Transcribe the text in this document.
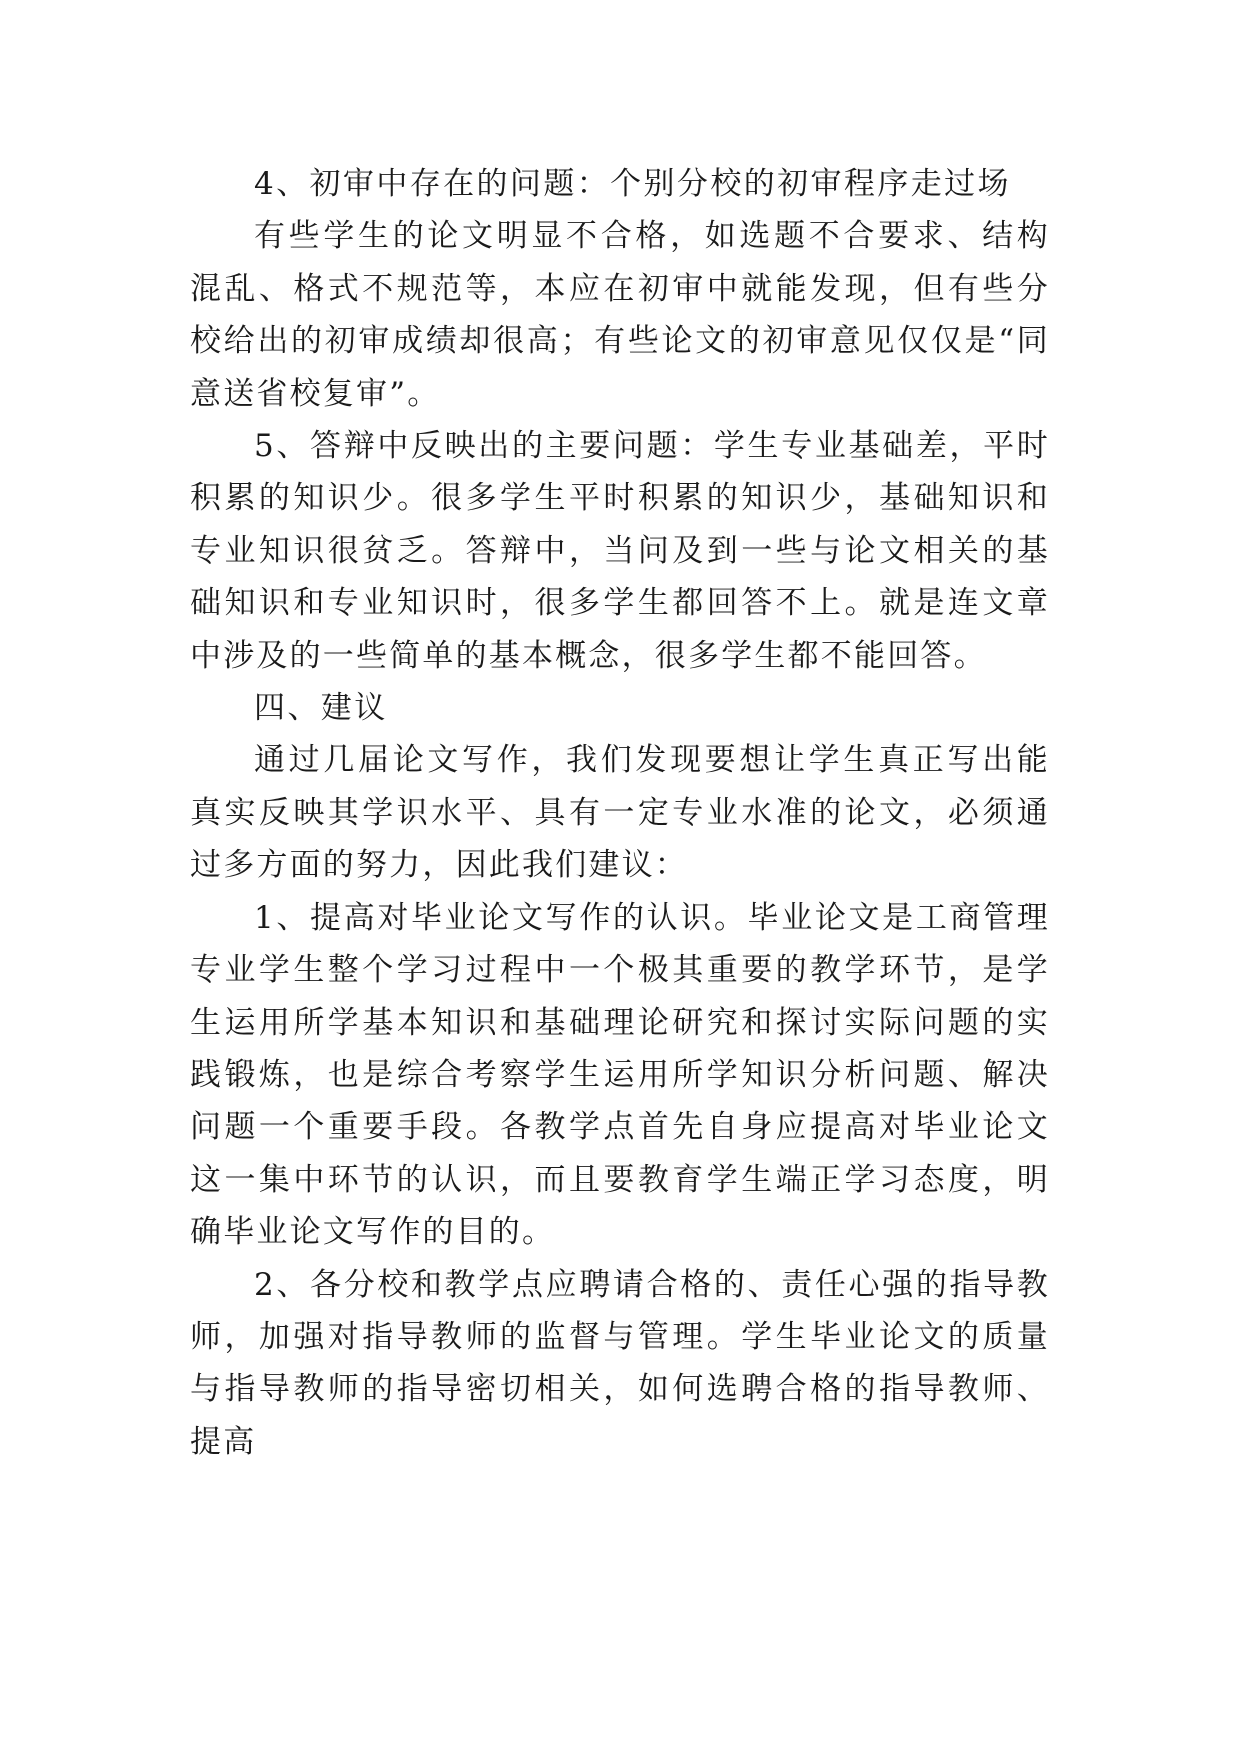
4、初审中存在的问题：个别分校的初审程序走过场

有些学生的论文明显不合格，如选题不合要求、结构混乱、格式不规范等，本应在初审中就能发现，但有些分校给出的初审成绩却很高；有些论文的初审意见仅仅是“同意送省校复审”。

5、答辩中反映出的主要问题：学生专业基础差，平时积累的知识少。很多学生平时积累的知识少，基础知识和专业知识很贫乏。答辩中，当问及到一些与论文相关的基础知识和专业知识时，很多学生都回答不上。就是连文章中涉及的一些简单的基本概念，很多学生都不能回答。

四、建议

通过几届论文写作，我们发现要想让学生真正写出能真实反映其学识水平、具有一定专业水准的论文，必须通过多方面的努力，因此我们建议：

1、提高对毕业论文写作的认识。毕业论文是工商管理专业学生整个学习过程中一个极其重要的教学环节，是学生运用所学基本知识和基础理论研究和探讨实际问题的实践锻炼，也是综合考察学生运用所学知识分析问题、解决问题一个重要手段。各教学点首先自身应提高对毕业论文这一集中环节的认识，而且要教育学生端正学习态度，明确毕业论文写作的目的。

2、各分校和教学点应聘请合格的、责任心强的指导教师，加强对指导教师的监督与管理。学生毕业论文的质量与指导教师的指导密切相关，如何选聘合格的指导教师、提高
